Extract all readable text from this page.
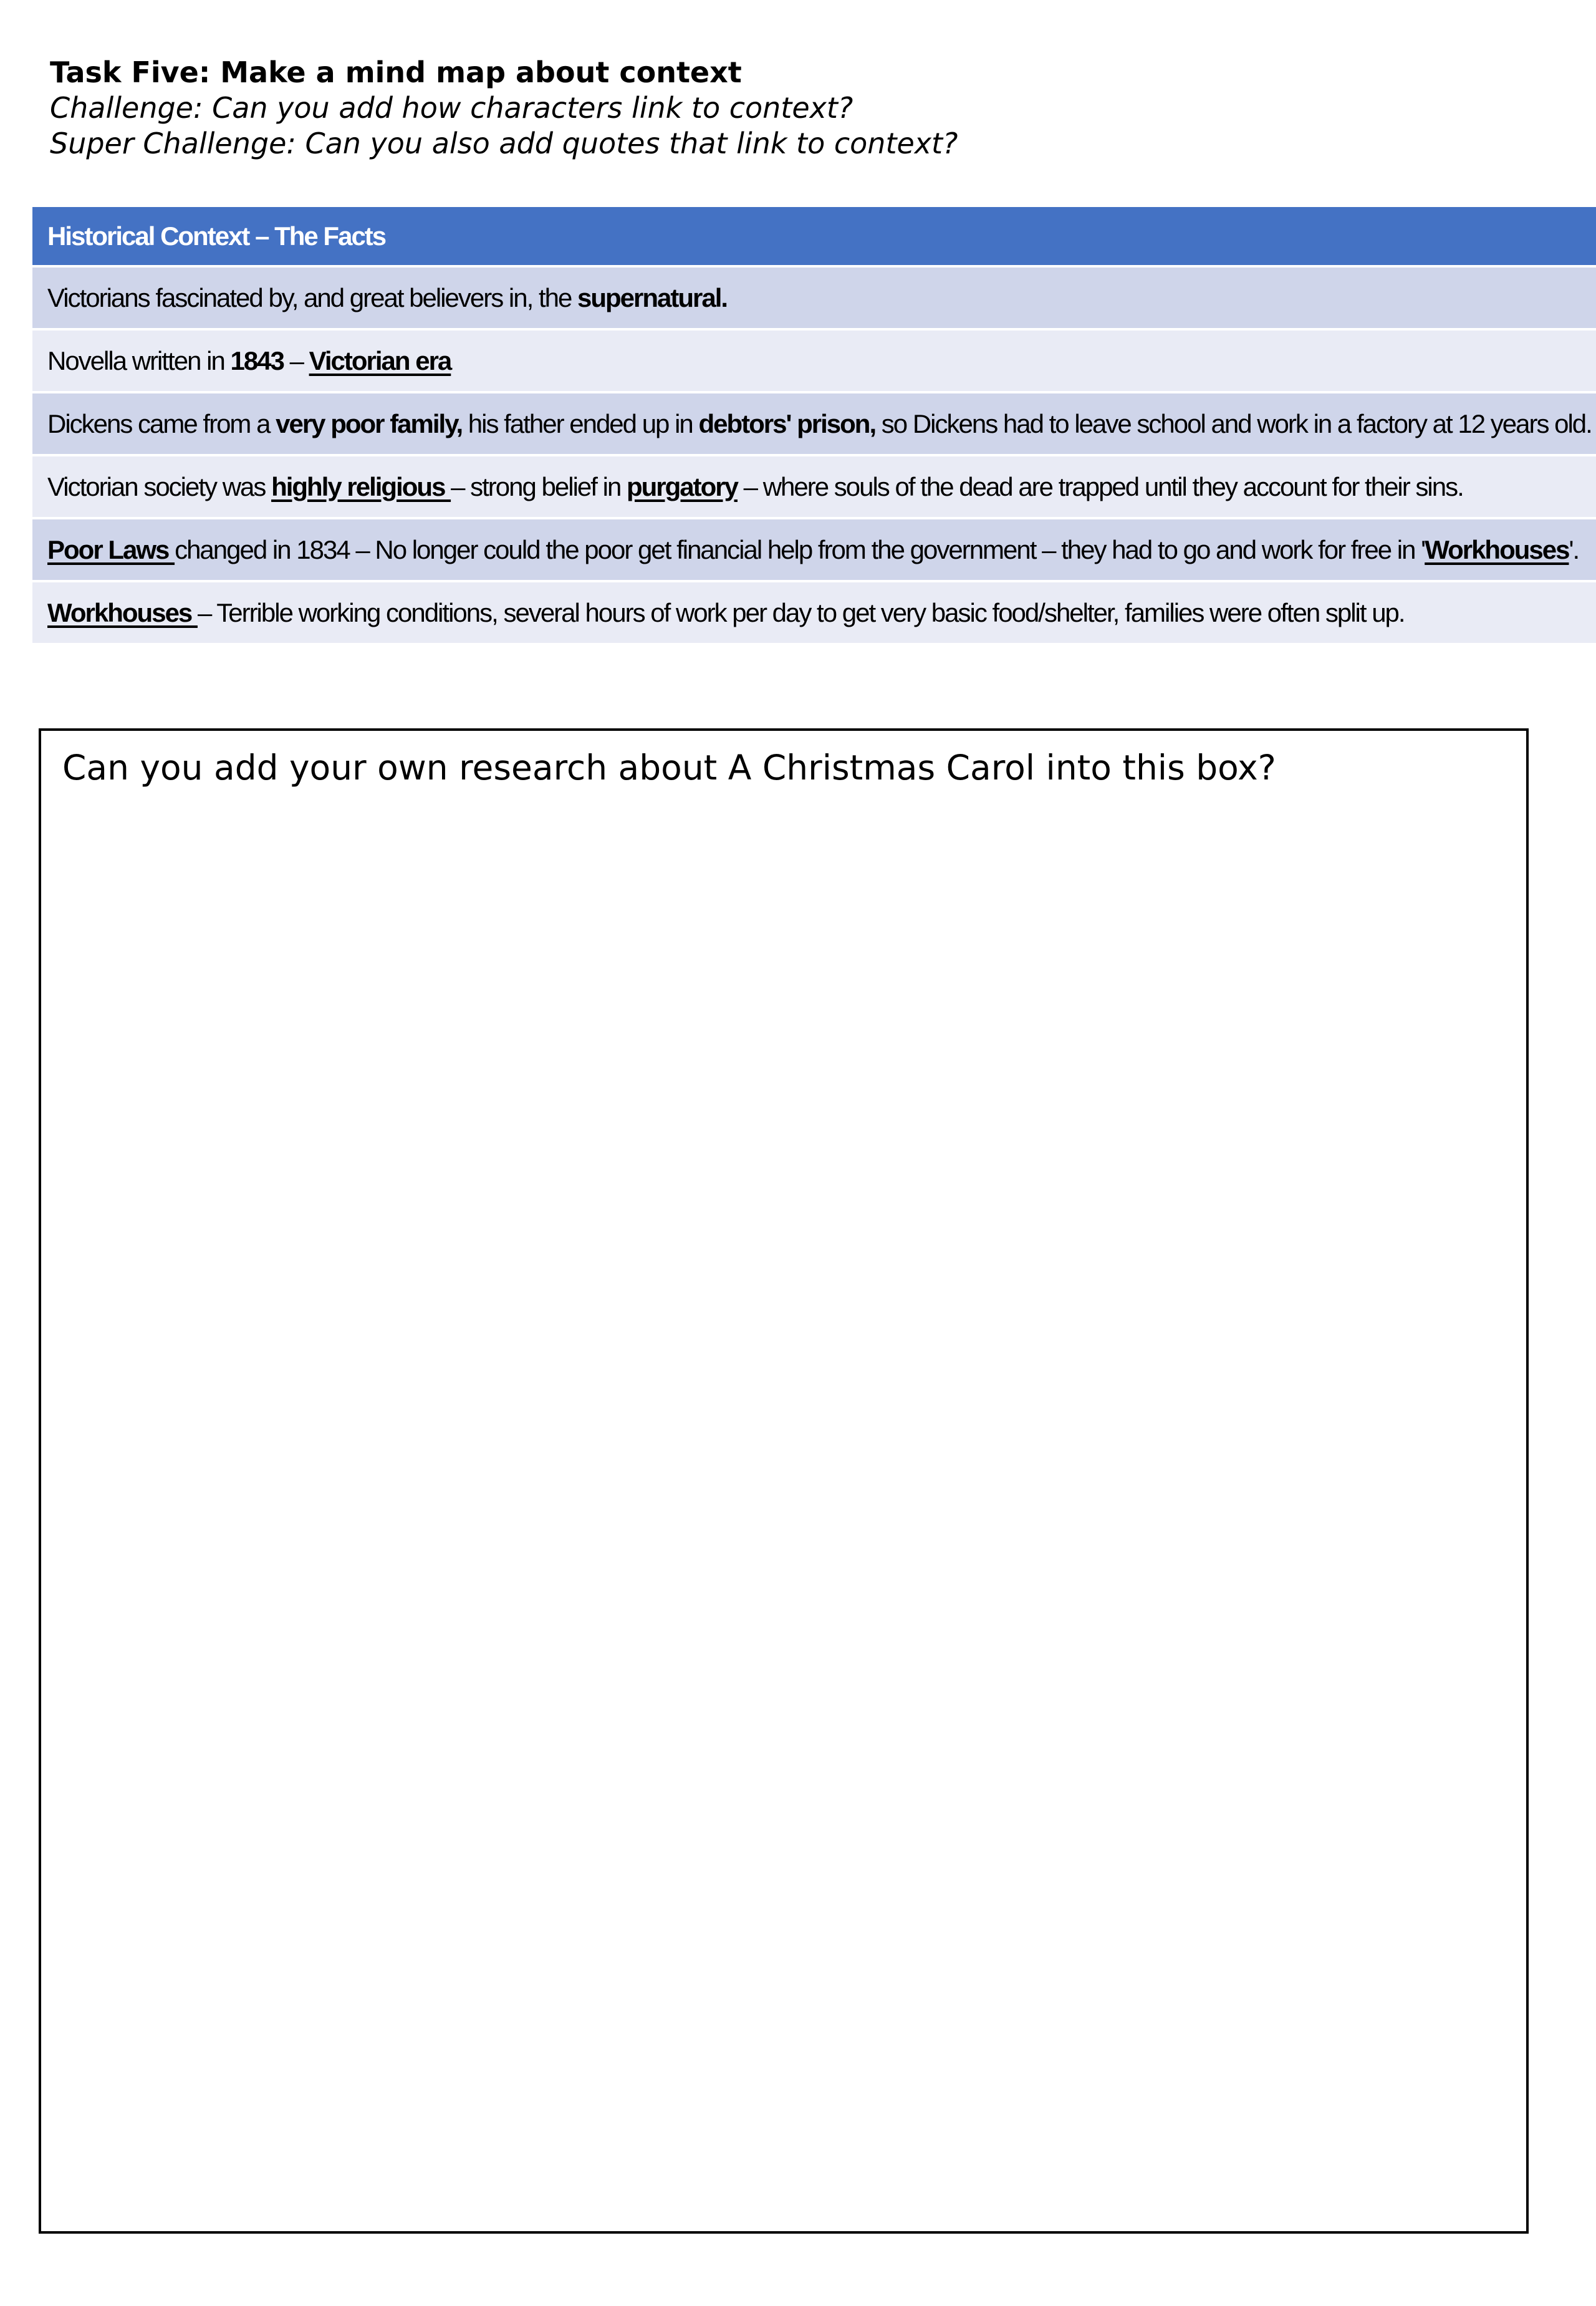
Task Five: Make a mind map about context
Challenge: Can you add how characters link to context?
Super Challenge: Can you also add quotes that link to context?
Historical Context – The Facts
Victorians fascinated by, and great believers in, the supernatural.
Novella written in 1843 – Victorian era
Dickens came from a very poor family, his father ended up in debtors' prison, so Dickens had to leave school and work in a factory at 12 years old.
Victorian society was highly religious – strong belief in purgatory – where souls of the dead are trapped until they account for their sins.
Poor Laws changed in 1834 – No longer could the poor get financial help from the government – they had to go and work for free in 'Workhouses'.
Workhouses – Terrible working conditions, several hours of work per day to get very basic food/shelter, families were often split up.
Can you add your own research about A Christmas Carol into this box?
